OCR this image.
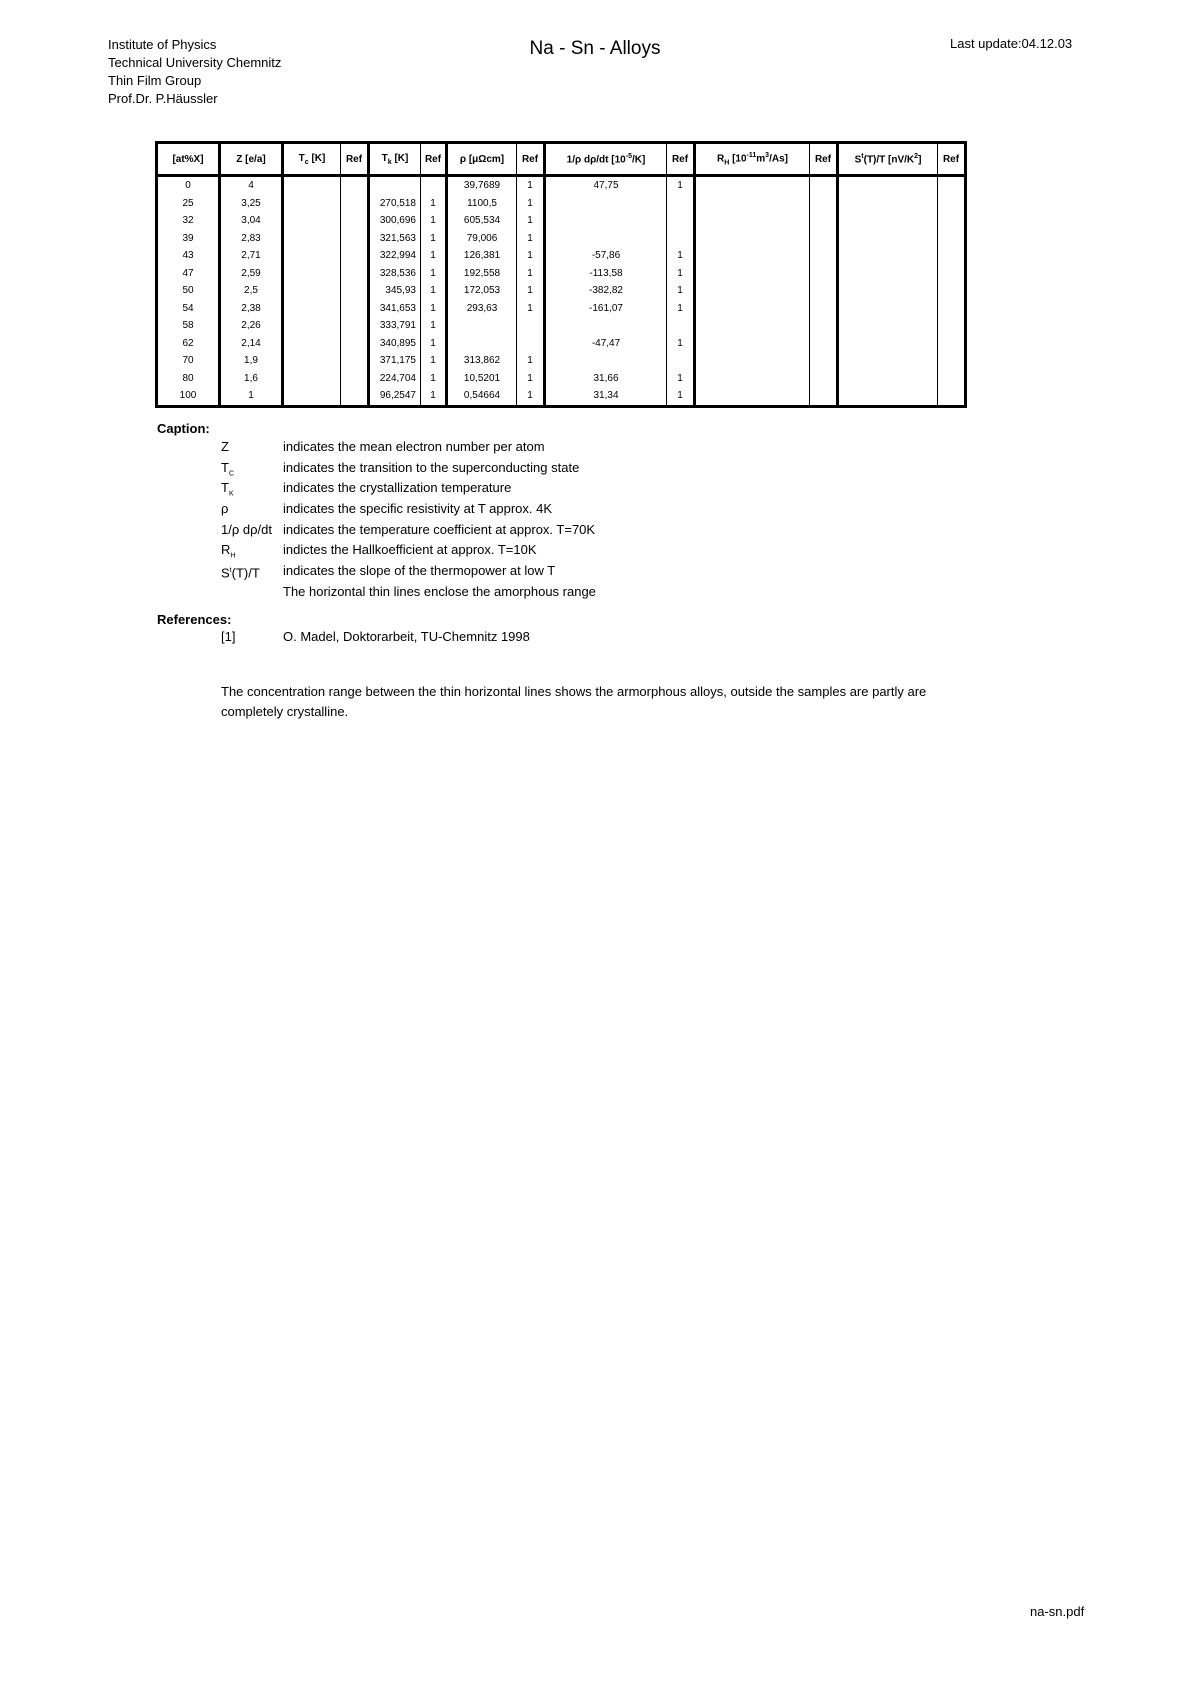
Institute of Physics
Technical University Chemnitz
Thin Film Group
Prof.Dr. P.Häussler
Na - Sn - Alloys	Last update:04.12.03
[at%X]	Z [e/a]	$T_c$ [K]	Ref	$T_k$ [K]	Ref	ρ [μΩcm]	Ref	1/ρ dρ/dt $[10^{-5}/K]$	Ref	$R_H$ $[10^{-11}m^3/As]$	Ref	$S^t(T)/T$ $[nV/K^2]$	Ref
0	4					39,7689	1	47,75	1				
25	3,25			270,518	1	1100,5	1						
32	3,04			300,696	1	605,534	1						
39	2,83			321,563	1	79,006	1						
43	2,71			322,994	1	126,381	1	-57,86	1				
47	2,59			328,536	1	192,558	1	-113,58	1				
50	2,5			345,93	1	172,053	1	-382,82	1				
54	2,38			341,653	1	293,63	1	-161,07	1				
58	2,26			333,791	1								
62	2,14			340,895	1			-47,47	1				
70	1,9			371,175	1	313,862	1						
80	1,6			224,704	1	10,5201	1	31,66	1				
100	1			96,2547	1	0,54664	1	31,34	1				
Caption:
Z	indicates the mean electron number per atom
$T_C$	indicates the transition to the superconducting state
$T_K$	indicates the crystallization temperature
ρ	indicates the specific resistivity at T approx. 4K
1/ρ dρ/dt indicates the temperature coefficient at approx. T=70K
$R_H$	indictes the Hallkoefficient at approx. T=10K
$S^t(T)/T$	indicates the slope of the thermopower at low T
The horizontal thin lines enclose the amorphous range
References:
[1]	O. Madel, Doktorarbeit, TU-Chemnitz 1998
The concentration range between the thin horizontal lines shows the armorphous alloys, outside the samples are partly are completely crystalline.
na-sn.pdf
